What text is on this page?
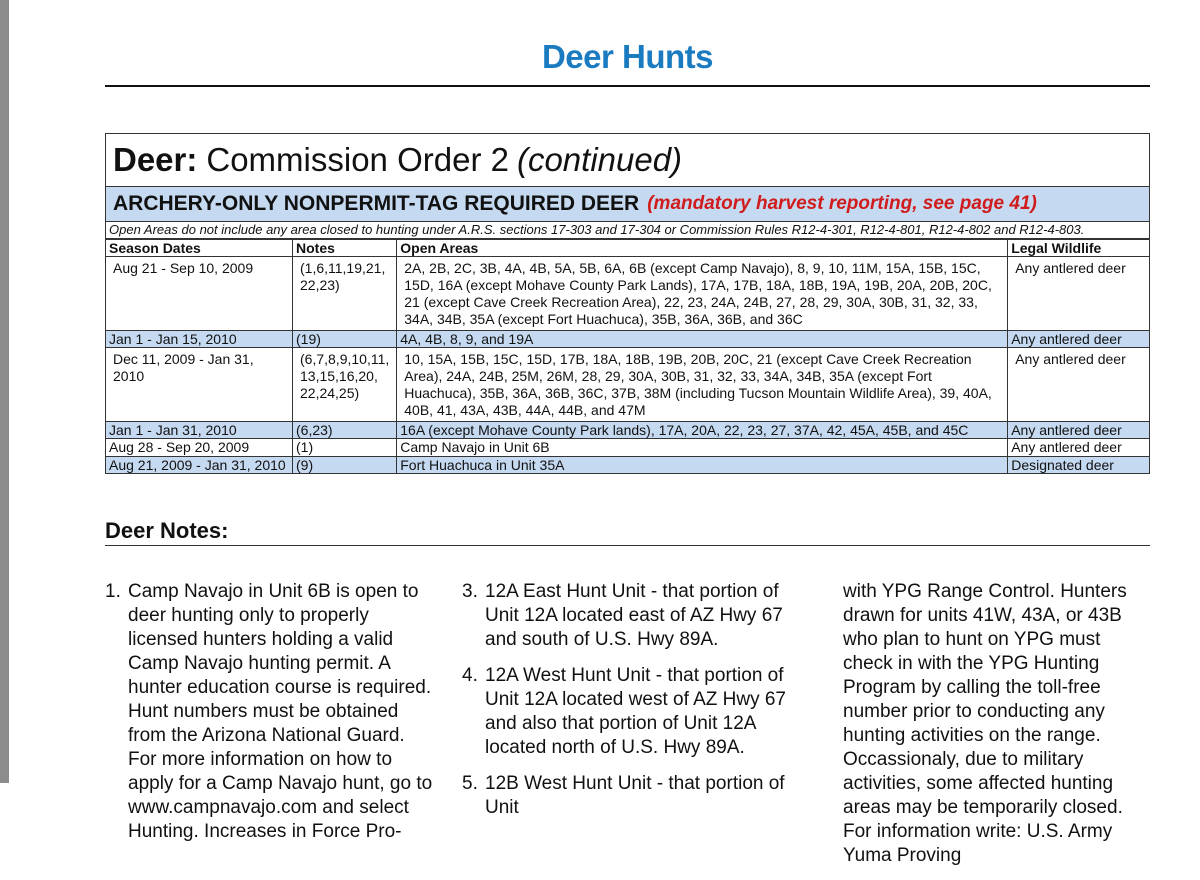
Deer Hunts
Deer: Commission Order 2 (continued)
ARCHERY-ONLY NONPERMIT-TAG REQUIRED DEER (mandatory harvest reporting, see page 41)
Open Areas do not include any area closed to hunting under A.R.S. sections 17-303 and 17-304 or Commission Rules R12-4-301, R12-4-801, R12-4-802 and R12-4-803.
Season Dates	Notes	Open Areas	Legal Wildlife
Aug 21 - Sep 10, 2009	(1,6,11,19,21, 22,23)	2A, 2B, 2C, 3B, 4A, 4B, 5A, 5B, 6A, 6B (except Camp Navajo), 8, 9, 10, 11M, 15A, 15B, 15C, 15D, 16A (except Mohave County Park Lands), 17A, 17B, 18A, 18B, 19A, 19B, 20A, 20B, 20C, 21 (except Cave Creek Recreation Area), 22, 23, 24A, 24B, 27, 28, 29, 30A, 30B, 31, 32, 33, 34A, 34B, 35A (except Fort Huachuca), 35B, 36A, 36B, and 36C	Any antlered deer
Jan 1 - Jan 15, 2010	(19)	4A, 4B, 8, 9, and 19A	Any antlered deer
Dec 11, 2009 - Jan 31, 2010	(6,7,8,9,10,11, 13,15,16,20, 22,24,25)	10, 15A, 15B, 15C, 15D, 17B, 18A, 18B, 19B, 20B, 20C, 21 (except Cave Creek Recreation Area), 24A, 24B, 25M, 26M, 28, 29, 30A, 30B, 31, 32, 33, 34A, 34B, 35A (except Fort Huachuca), 35B, 36A, 36B, 36C, 37B, 38M (including Tucson Mountain Wildlife Area), 39, 40A, 40B, 41, 43A, 43B, 44A, 44B, and 47M	Any antlered deer
Jan 1 - Jan 31, 2010	(6,23)	16A (except Mohave County Park lands), 17A, 20A, 22, 23, 27, 37A, 42, 45A, 45B, and 45C	Any antlered deer
Aug 28 - Sep 20, 2009	(1)	Camp Navajo in Unit 6B	Any antlered deer
Aug 21, 2009 - Jan 31, 2010	(9)	Fort Huachuca in Unit 35A	Designated deer
Deer Notes:
1. Camp Navajo in Unit 6B is open to deer hunting only to properly licensed hunters holding a valid Camp Navajo hunting permit. A hunter education course is required. Hunt numbers must be obtained from the Arizona National Guard. For more information on how to apply for a Camp Navajo hunt, go to www.campnavajo.com and select Hunting. Increases in Force Pro-
3. 12A East Hunt Unit - that portion of Unit 12A located east of AZ Hwy 67 and south of U.S. Hwy 89A.
4. 12A West Hunt Unit - that portion of Unit 12A located west of AZ Hwy 67 and also that portion of Unit 12A located north of U.S. Hwy 89A.
5. 12B West Hunt Unit - that portion of Unit
with YPG Range Control. Hunters drawn for units 41W, 43A, or 43B who plan to hunt on YPG must check in with the YPG Hunting Program by calling the toll-free number prior to conducting any hunting activities on the range. Occassionaly, due to military activities, some affected hunting areas may be temporarily closed. For information write: U.S. Army Yuma Proving
